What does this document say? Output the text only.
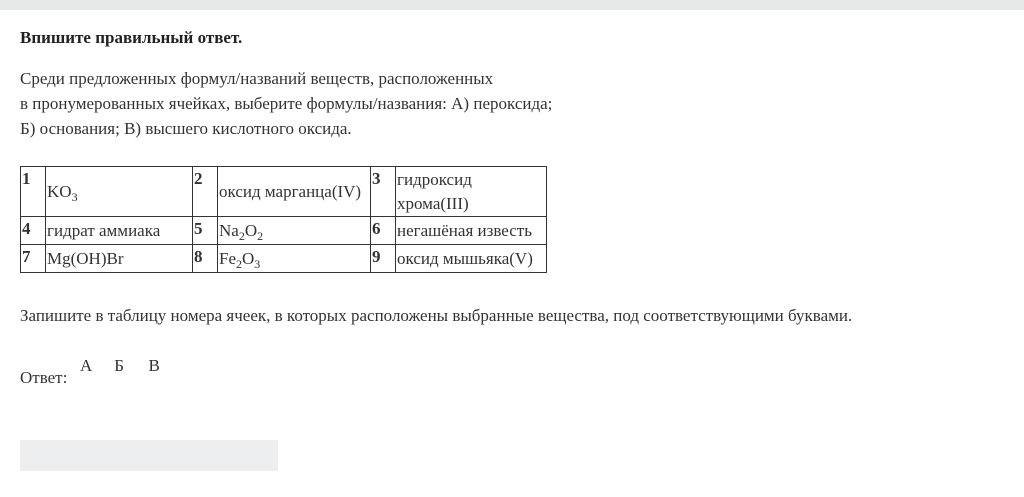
Впишите правильный ответ.
Среди предложенных формул/названий веществ, расположенных
в пронумерованных ячейках, выберите формулы/названия: А) пероксида;
Б) основания; В) высшего кислотного оксида.
1	$KO_3$	2	оксид марганца(IV)	3	гидроксид хрома(III)
4	гидрат аммиака	5	$Na_2O_2$	6	негашёная известь
7	Mg(OH)Br	8	$Fe_2O_3$	9	оксид мышьяка(V)
Запишите в таблицу номера ячеек, в которых расположены выбранные вещества, под соответствующими буквами.
Ответ:
А Б В
